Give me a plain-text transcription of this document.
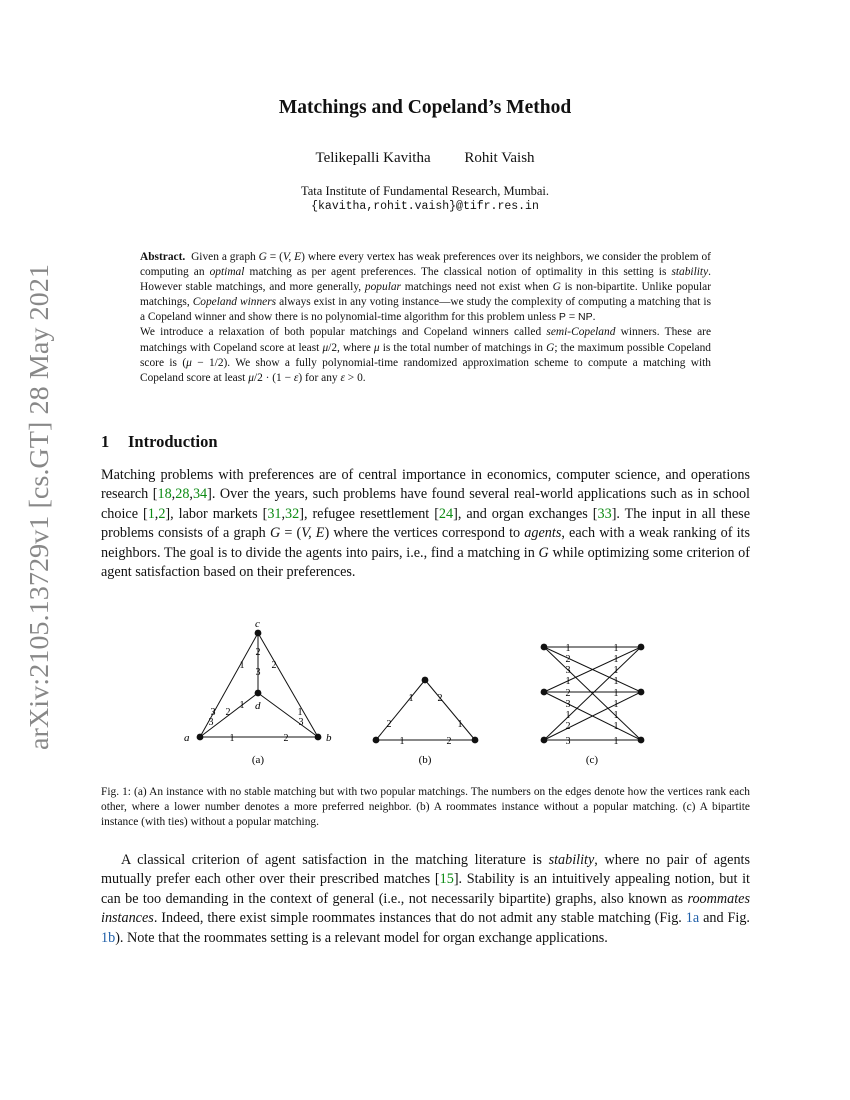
arXiv:2105.13729v1 [cs.GT] 28 May 2021
Matchings and Copeland’s Method
Telikepalli Kavitha Rohit Vaish
Tata Institute of Fundamental Research, Mumbai.
{kavitha,rohit.vaish}@tifr.res.in

Abstract. Given a graph G = (V, E) where every vertex has weak preferences over its neighbors, we consider the problem of computing an optimal matching as per agent preferences. The classical notion of optimality in this setting is stability. However stable matchings, and more generally, popular matchings need not exist when G is non-bipartite. Unlike popular matchings, Copeland winners always exist in any voting instance—we study the complexity of computing a matching that is a Copeland winner and show there is no polynomial-time algorithm for this problem unless P = NP.

We introduce a relaxation of both popular matchings and Copeland winners called semi-Copeland winners. These are matchings with Copeland score at least μ/2, where μ is the total number of matchings in G; the maximum possible Copeland score is (μ − 1/2). We show a fully polynomial-time randomized approximation scheme to compute a matching with Copeland score at least μ/2 · (1 − ε) for any ε > 0.

1 Introduction

Matching problems with preferences are of central importance in economics, computer science, and operations research [18,28,34]. Over the years, such problems have found several real-world applications such as in school choice [1,2], labor markets [31,32], refugee resettlement [24], and organ exchanges [33]. The input in all these problems consists of a graph G = (V, E) where the vertices correspond to agents, each with a weak ranking of its neighbors. The goal is to divide the agents into pairs, i.e., find a matching in G while optimizing some criterion of agent satisfaction based on their preferences.

a	b
c
d
1	2
3
3 2
1
2
3
1
3
1	2
(a)
1 2
2	1
1	2
(b)
1	1
2	1
3	1
1	1
2	1
3	1
1	1
2	1
3	1
(c)
Fig. 1: (a) An instance with no stable matching but with two popular matchings. The numbers on the edges denote how the vertices rank each other, where a lower number denotes a more preferred neighbor. (b) A roommates instance without a popular matching. (c) A bipartite instance (with ties) without a popular matching.

A classical criterion of agent satisfaction in the matching literature is stability, where no pair of agents mutually prefer each other over their prescribed matches [15]. Stability is an intuitively appealing notion, but it can be too demanding in the context of general (i.e., not necessarily bipartite) graphs, also known as roommates instances. Indeed, there exist simple roommates instances that do not admit any stable matching (Fig. 1a and Fig. 1b). Note that the roommates setting is a relevant model for organ exchange applications.
